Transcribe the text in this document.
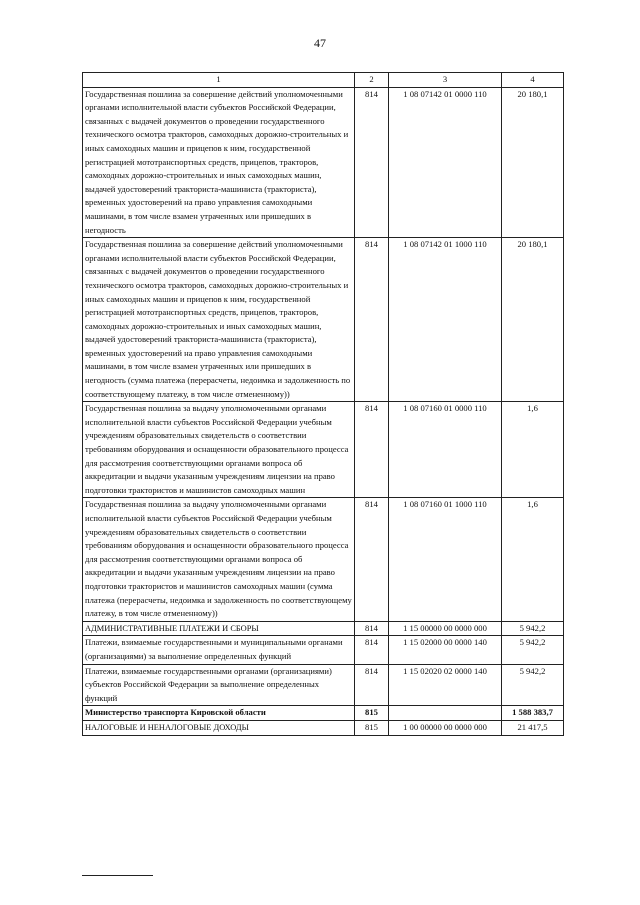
47
1	2	3	4
Государственная пошлина за совершение действий уполномоченными органами исполнительной власти субъектов Российской Федерации, связанных с выдачей документов о проведении государственного технического осмотра тракторов, самоходных дорожно-строительных и иных самоходных машин и прицепов к ним, государственной регистрацией мототранспортных средств, прицепов, тракторов, самоходных дорожно-строительных и иных самоходных машин, выдачей удостоверений тракториста-машиниста (тракториста), временных удостоверений на право управления самоходными машинами, в том числе взамен утраченных или пришедших в негодность	814	1 08 07142 01 0000 110	20 180,1
Государственная пошлина за совершение действий уполномоченными органами исполнительной власти субъектов Российской Федерации, связанных с выдачей документов о проведении государственного технического осмотра тракторов, самоходных дорожно-строительных и иных самоходных машин и прицепов к ним, государственной регистрацией мототранспортных средств, прицепов, тракторов, самоходных дорожно-строительных и иных самоходных машин, выдачей удостоверений тракториста-машиниста (тракториста), временных удостоверений на право управления самоходными машинами, в том числе взамен утраченных или пришедших в негодность (сумма платежа (перерасчеты, недоимка и задолженность по соответствующему платежу, в том числе отмененному))	814	1 08 07142 01 1000 110	20 180,1
Государственная пошлина за выдачу уполномоченными органами исполнительной власти субъектов Российской Федерации учебным учреждениям образовательных свидетельств о соответствии требованиям оборудования и оснащенности образовательного процесса для рассмотрения соответствующими органами вопроса об аккредитации и выдачи указанным учреждениям лицензии на право подготовки трактористов и машинистов самоходных машин	814	1 08 07160 01 0000 110	1,6
Государственная пошлина за выдачу уполномоченными органами исполнительной власти субъектов Российской Федерации учебным учреждениям образовательных свидетельств о соответствии требованиям оборудования и оснащенности образовательного процесса для рассмотрения соответствующими органами вопроса об аккредитации и выдачи указанным учреждениям лицензии на право подготовки трактористов и машинистов самоходных машин (сумма платежа (перерасчеты, недоимка и задолженность по соответствующему платежу, в том числе отмененному))	814	1 08 07160 01 1000 110	1,6
АДМИНИСТРАТИВНЫЕ ПЛАТЕЖИ И СБОРЫ	814	1 15 00000 00 0000 000	5 942,2
Платежи, взимаемые государственными и муниципальными органами (организациями) за выполнение определенных функций	814	1 15 02000 00 0000 140	5 942,2
Платежи, взимаемые государственными органами (организациями) субъектов Российской Федерации за выполнение определенных функций	814	1 15 02020 02 0000 140	5 942,2
Министерство транспорта Кировской области	815		1 588 383,7
НАЛОГОВЫЕ И НЕНАЛОГОВЫЕ ДОХОДЫ	815	1 00 00000 00 0000 000	21 417,5
